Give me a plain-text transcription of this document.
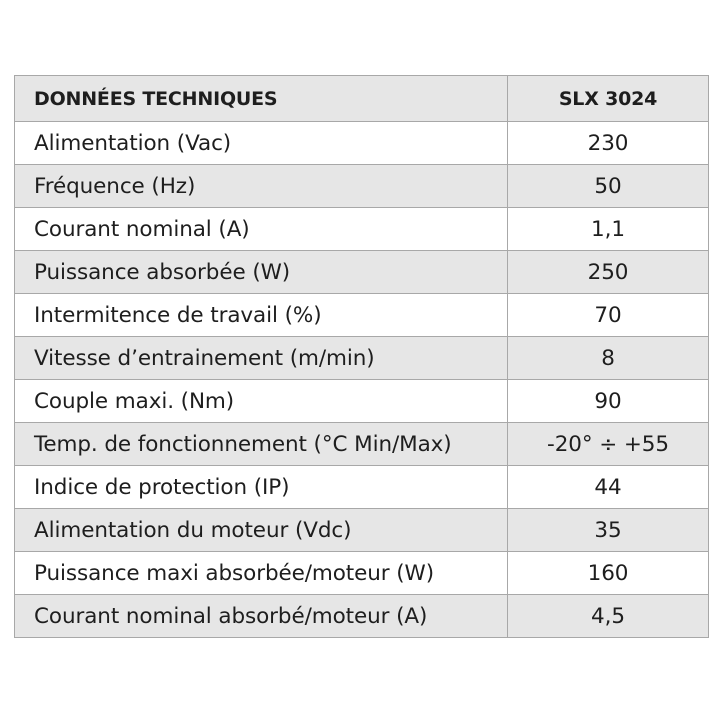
DONNÉES TECHNIQUES	SLX 3024
Alimentation (Vac)	230
Fréquence (Hz)	50
Courant nominal (A)	1,1
Puissance absorbée (W)	250
Intermitence de travail (%)	70
Vitesse d’entrainement (m/min)	8
Couple maxi. (Nm)	90
Temp. de fonctionnement (°C Min/Max)	-20° ÷ +55
Indice de protection (IP)	44
Alimentation du moteur (Vdc)	35
Puissance maxi absorbée/moteur (W)	160
Courant nominal absorbé/moteur (A)	4,5
